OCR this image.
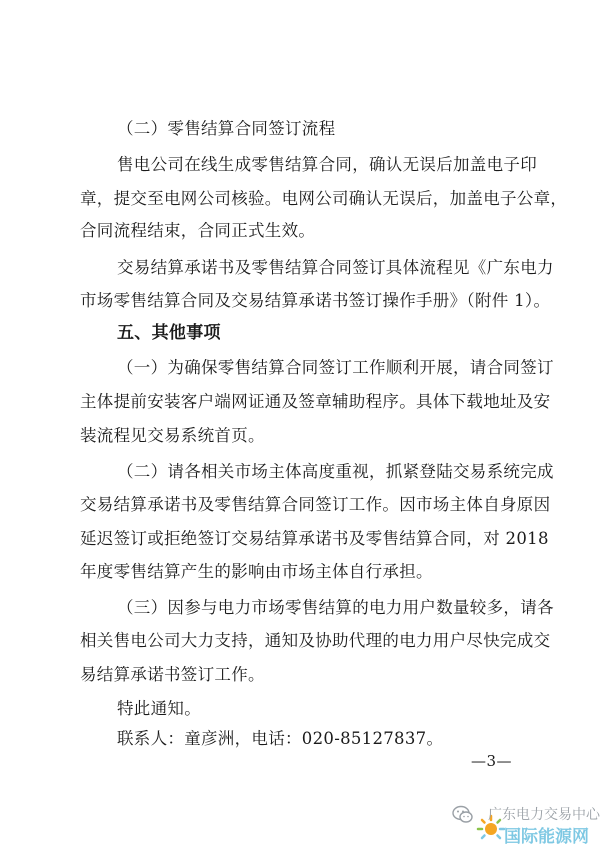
（二）零售结算合同签订流程
售电公司在线生成零售结算合同，确认无误后加盖电子印
章，提交至电网公司核验。电网公司确认无误后，加盖电子公章，
合同流程结束，合同正式生效。
交易结算承诺书及零售结算合同签订具体流程见《广东电力
市场零售结算合同及交易结算承诺书签订操作手册》（附件 1）。
五、其他事项
（一）为确保零售结算合同签订工作顺利开展，请合同签订
主体提前安装客户端网证通及签章辅助程序。具体下载地址及安
装流程见交易系统首页。
（二）请各相关市场主体高度重视，抓紧登陆交易系统完成
交易结算承诺书及零售结算合同签订工作。因市场主体自身原因
延迟签订或拒绝签订交易结算承诺书及零售结算合同，对 2018
年度零售结算产生的影响由市场主体自行承担。
（三）因参与电力市场零售结算的电力用户数量较多，请各
相关售电公司大力支持，通知及协助代理的电力用户尽快完成交
易结算承诺书签订工作。
特此通知。
联系人：童彦洲，电话：020-85127837。
—3—
广东电力交易中心
国际能源网
